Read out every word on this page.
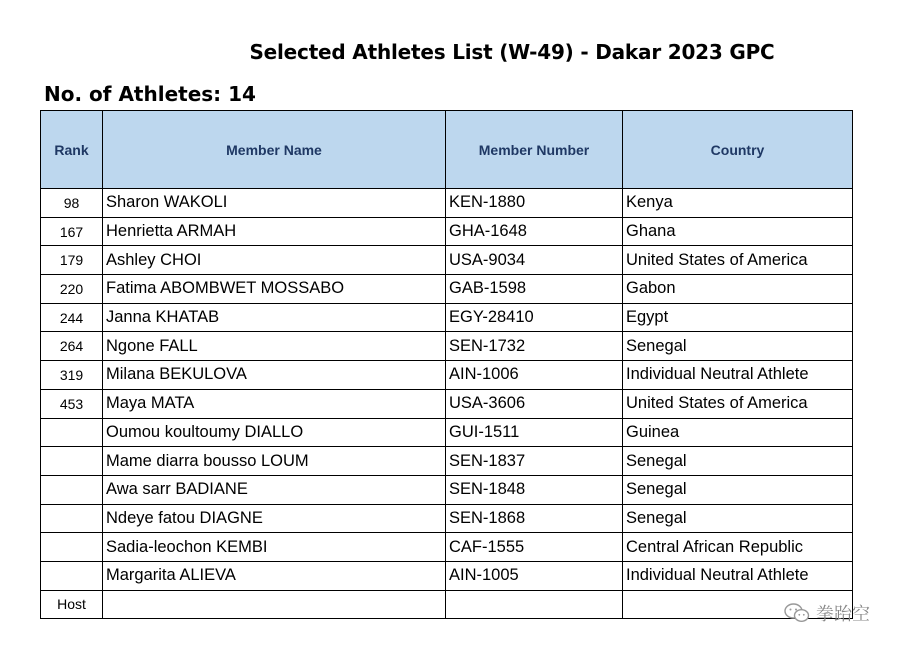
Selected Athletes List (W-49) - Dakar 2023 GPC
No. of Athletes: 14
Rank	Member Name	Member Number	Country
98	Sharon WAKOLI	KEN-1880	Kenya
167	Henrietta ARMAH	GHA-1648	Ghana
179	Ashley CHOI	USA-9034	United States of America
220	Fatima ABOMBWET MOSSABO	GAB-1598	Gabon
244	Janna KHATAB	EGY-28410	Egypt
264	Ngone FALL	SEN-1732	Senegal
319	Milana BEKULOVA	AIN-1006	Individual Neutral Athlete
453	Maya MATA	USA-3606	United States of America
	Oumou koultoumy DIALLO	GUI-1511	Guinea
	Mame diarra bousso LOUM	SEN-1837	Senegal
	Awa sarr BADIANE	SEN-1848	Senegal
	Ndeye fatou DIAGNE	SEN-1868	Senegal
	Sadia-leochon KEMBI	CAF-1555	Central African Republic
	Margarita ALIEVA	AIN-1005	Individual Neutral Athlete
Host				拳跆空
